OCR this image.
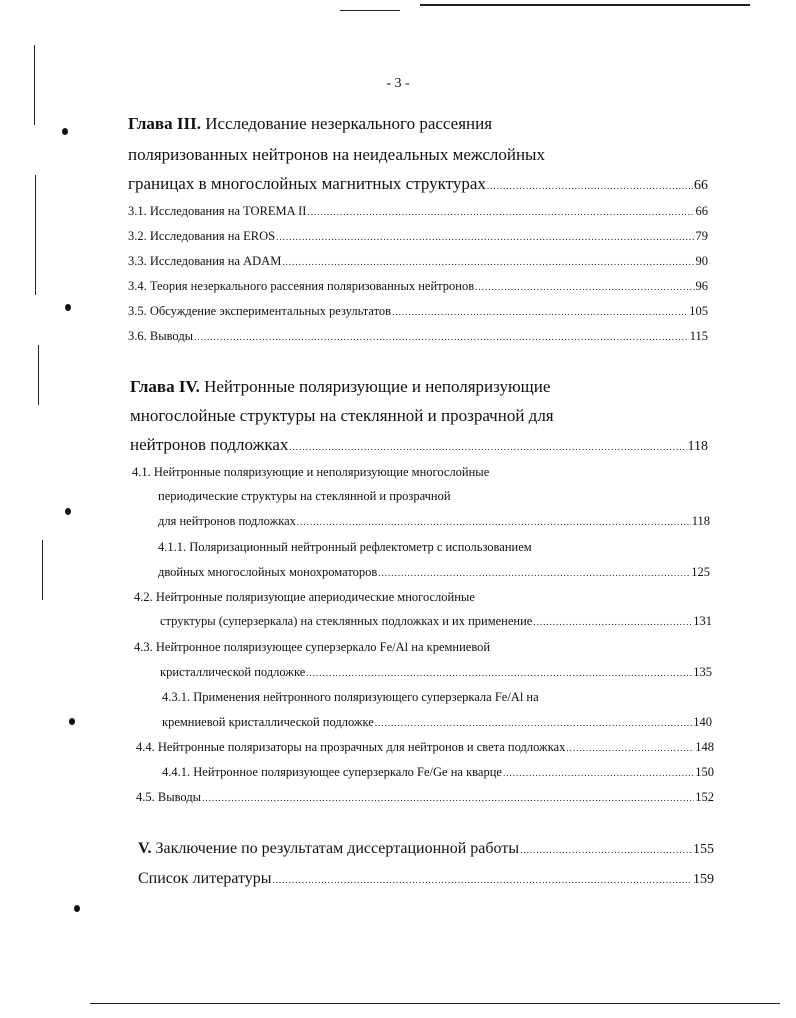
- 3 -
Глава III. Исследование незеркального рассеяния
поляризованных нейтронов на неидеальных межслойных
границах в многослойных магнитных структурах .....	66
3.1. Исследования на TOREMA II .....	66
3.2. Исследования на EROS .....	79
3.3. Исследования на ADAM .....	90
3.4. Теория незеркального рассеяния поляризованных нейтронов .....	96
3.5. Обсуждение экспериментальных результатов .....	105
3.6. Выводы .....	115
Глава IV. Нейтронные поляризующие и неполяризующие
многослойные структуры на стеклянной и прозрачной для
нейтронов подложках .....	118
4.1. Нейтронные поляризующие и неполяризующие многослойные
периодические структуры на стеклянной и прозрачной
для нейтронов подложках .....	118
4.1.1. Поляризационный нейтронный рефлектометр с использованием
двойных многослойных монохроматоров .....	125
4.2. Нейтронные поляризующие апериодические многослойные
структуры (суперзеркала) на стеклянных подложках и их применение .....	131
4.3. Нейтронное поляризующее суперзеркало Fe/Al на кремниевой
кристаллической подложке .....	135
4.3.1. Применения нейтронного поляризующего суперзеркала Fe/Al на
кремниевой кристаллической подложке .....	140
4.4. Нейтронные поляризаторы на прозрачных для нейтронов и света подложках .....	148
4.4.1. Нейтронное поляризующее суперзеркало Fe/Ge на кварце .....	150
4.5. Выводы .....	152
V. Заключение по результатам диссертационной работы .....	155
Список литературы .....	159
